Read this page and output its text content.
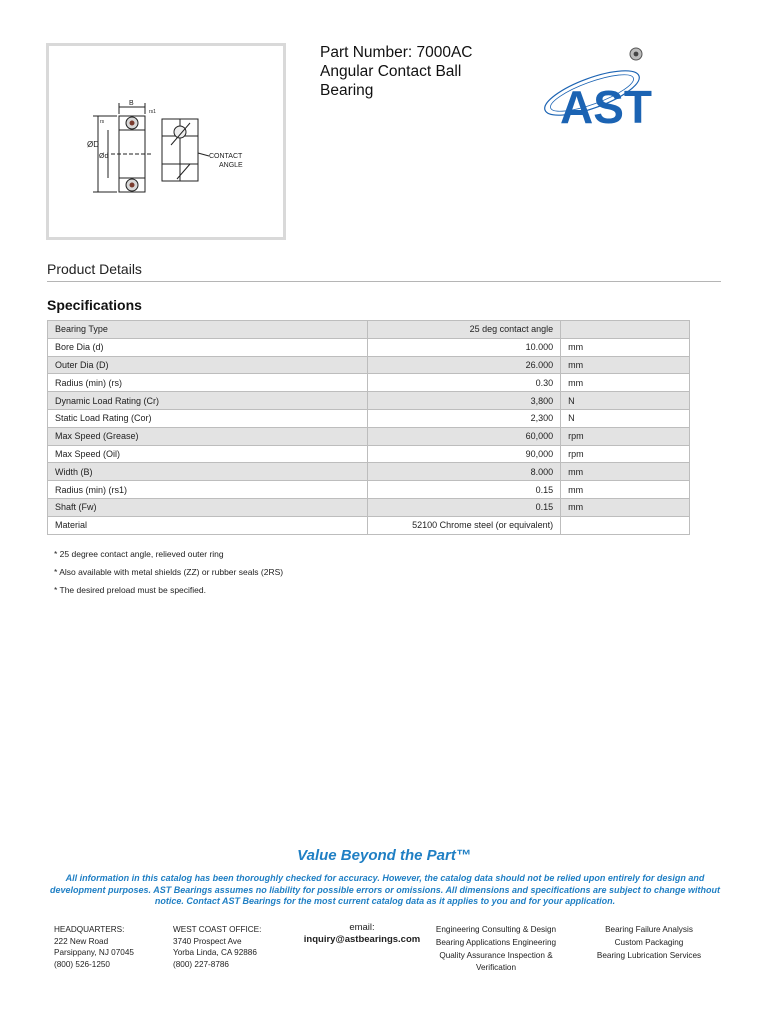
B
rs1
rs
ØD
Ød	CONTACT
ANGLE
Part Number: 7000AC
Angular Contact Ball
Bearing	AST
Product Details
Specifications
Bearing Type	25 deg contact angle	
Bore Dia (d)	10.000	mm
Outer Dia (D)	26.000	mm
Radius (min) (rs)	0.30	mm
Dynamic Load Rating (Cr)	3,800	N
Static Load Rating (Cor)	2,300	N
Max Speed (Grease)	60,000	rpm
Max Speed (Oil)	90,000	rpm
Width (B)	8.000	mm
Radius (min) (rs1)	0.15	mm
Shaft (Fw)	0.15	mm
Material	52100 Chrome steel (or equivalent)	
* 25 degree contact angle, relieved outer ring
* Also available with metal shields (ZZ) or rubber seals (2RS)
* The desired preload must be specified.
Value Beyond the Part™
All information in this catalog has been thoroughly checked for accuracy. However, the catalog data should not be relied upon entirely for design and development purposes. AST Bearings assumes no liability for possible errors or omissions. All dimensions and specifications are subject to change without notice. Contact AST Bearings for the most current catalog data as it applies to you and for your application.
HEADQUARTERS:
222 New Road
Parsippany, NJ 07045
(800) 526-1250
WEST COAST OFFICE:
3740 Prospect Ave
Yorba Linda, CA 92886
(800) 227-8786
email:
inquiry@astbearings.com
Engineering Consulting & Design
Bearing Applications Engineering
Quality Assurance Inspection &
Verification
Bearing Failure Analysis
Custom Packaging
Bearing Lubrication Services
